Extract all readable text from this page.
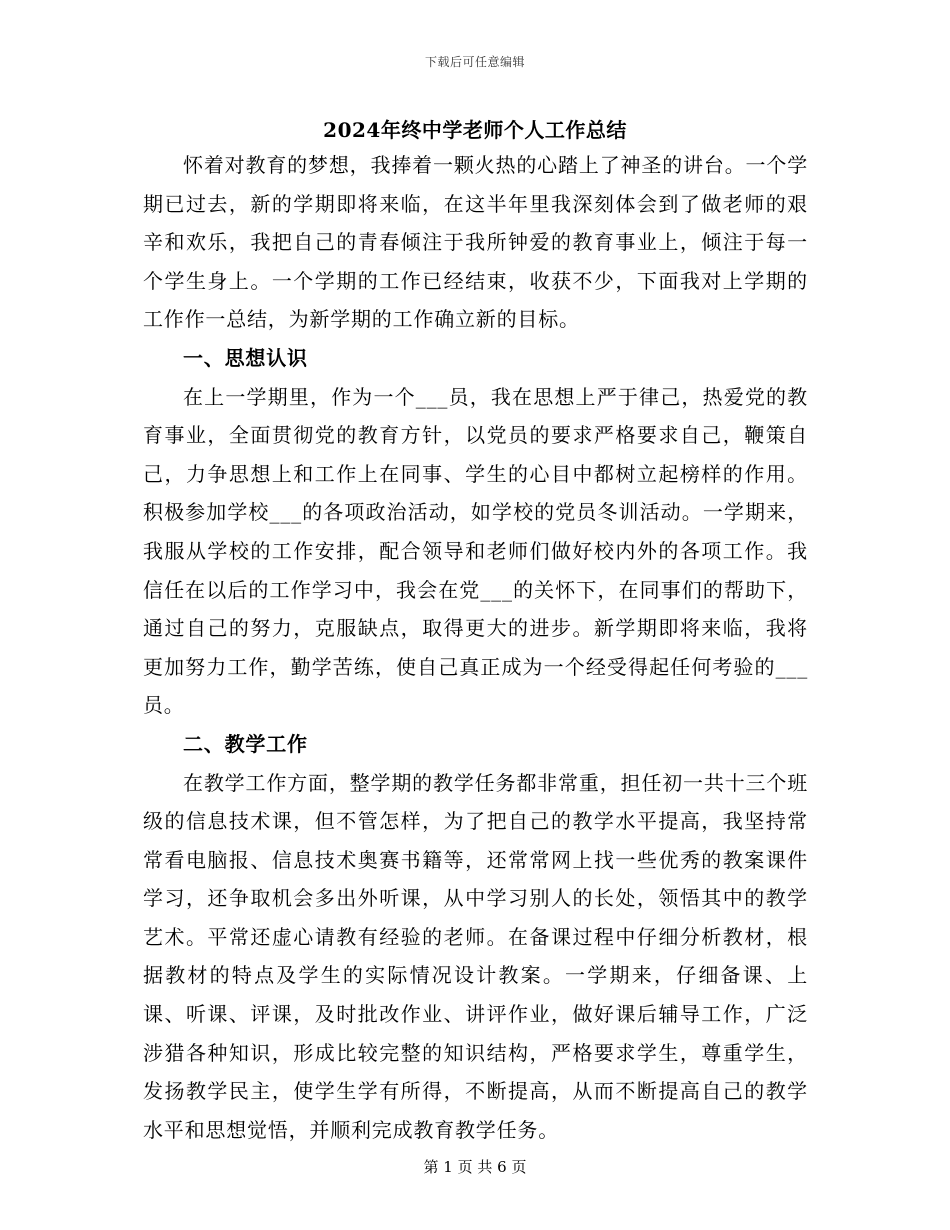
下载后可任意编辑
2024年终中学老师个人工作总结

怀着对教育的梦想，我捧着一颗火热的心踏上了神圣的讲台。一个学期已过去，新的学期即将来临，在这半年里我深刻体会到了做老师的艰辛和欢乐，我把自己的青春倾注于我所钟爱的教育事业上，倾注于每一个学生身上。一个学期的工作已经结束，收获不少，下面我对上学期的工作作一总结，为新学期的工作确立新的目标。

一、思想认识

在上一学期里，作为一个___员，我在思想上严于律己，热爱党的教育事业，全面贯彻党的教育方针，以党员的要求严格要求自己，鞭策自己，力争思想上和工作上在同事、学生的心目中都树立起榜样的作用。积极参加学校___的各项政治活动，如学校的党员冬训活动。一学期来，我服从学校的工作安排，配合领导和老师们做好校内外的各项工作。我信任在以后的工作学习中，我会在党___的关怀下，在同事们的帮助下，通过自己的努力，克服缺点，取得更大的进步。新学期即将来临，我将更加努力工作，勤学苦练，使自己真正成为一个经受得起任何考验的___员。

二、教学工作

在教学工作方面，整学期的教学任务都非常重，担任初一共十三个班级的信息技术课，但不管怎样，为了把自己的教学水平提高，我坚持常常看电脑报、信息技术奥赛书籍等，还常常网上找一些优秀的教案课件学习，还争取机会多出外听课，从中学习别人的长处，领悟其中的教学艺术。平常还虚心请教有经验的老师。在备课过程中仔细分析教材，根据教材的特点及学生的实际情况设计教案。一学期来，仔细备课、上课、听课、评课，及时批改作业、讲评作业，做好课后辅导工作，广泛涉猎各种知识，形成比较完整的知识结构，严格要求学生，尊重学生，发扬教学民主，使学生学有所得，不断提高，从而不断提高自己的教学水平和思想觉悟，并顺利完成教育教学任务。

第 1 页 共 6 页
